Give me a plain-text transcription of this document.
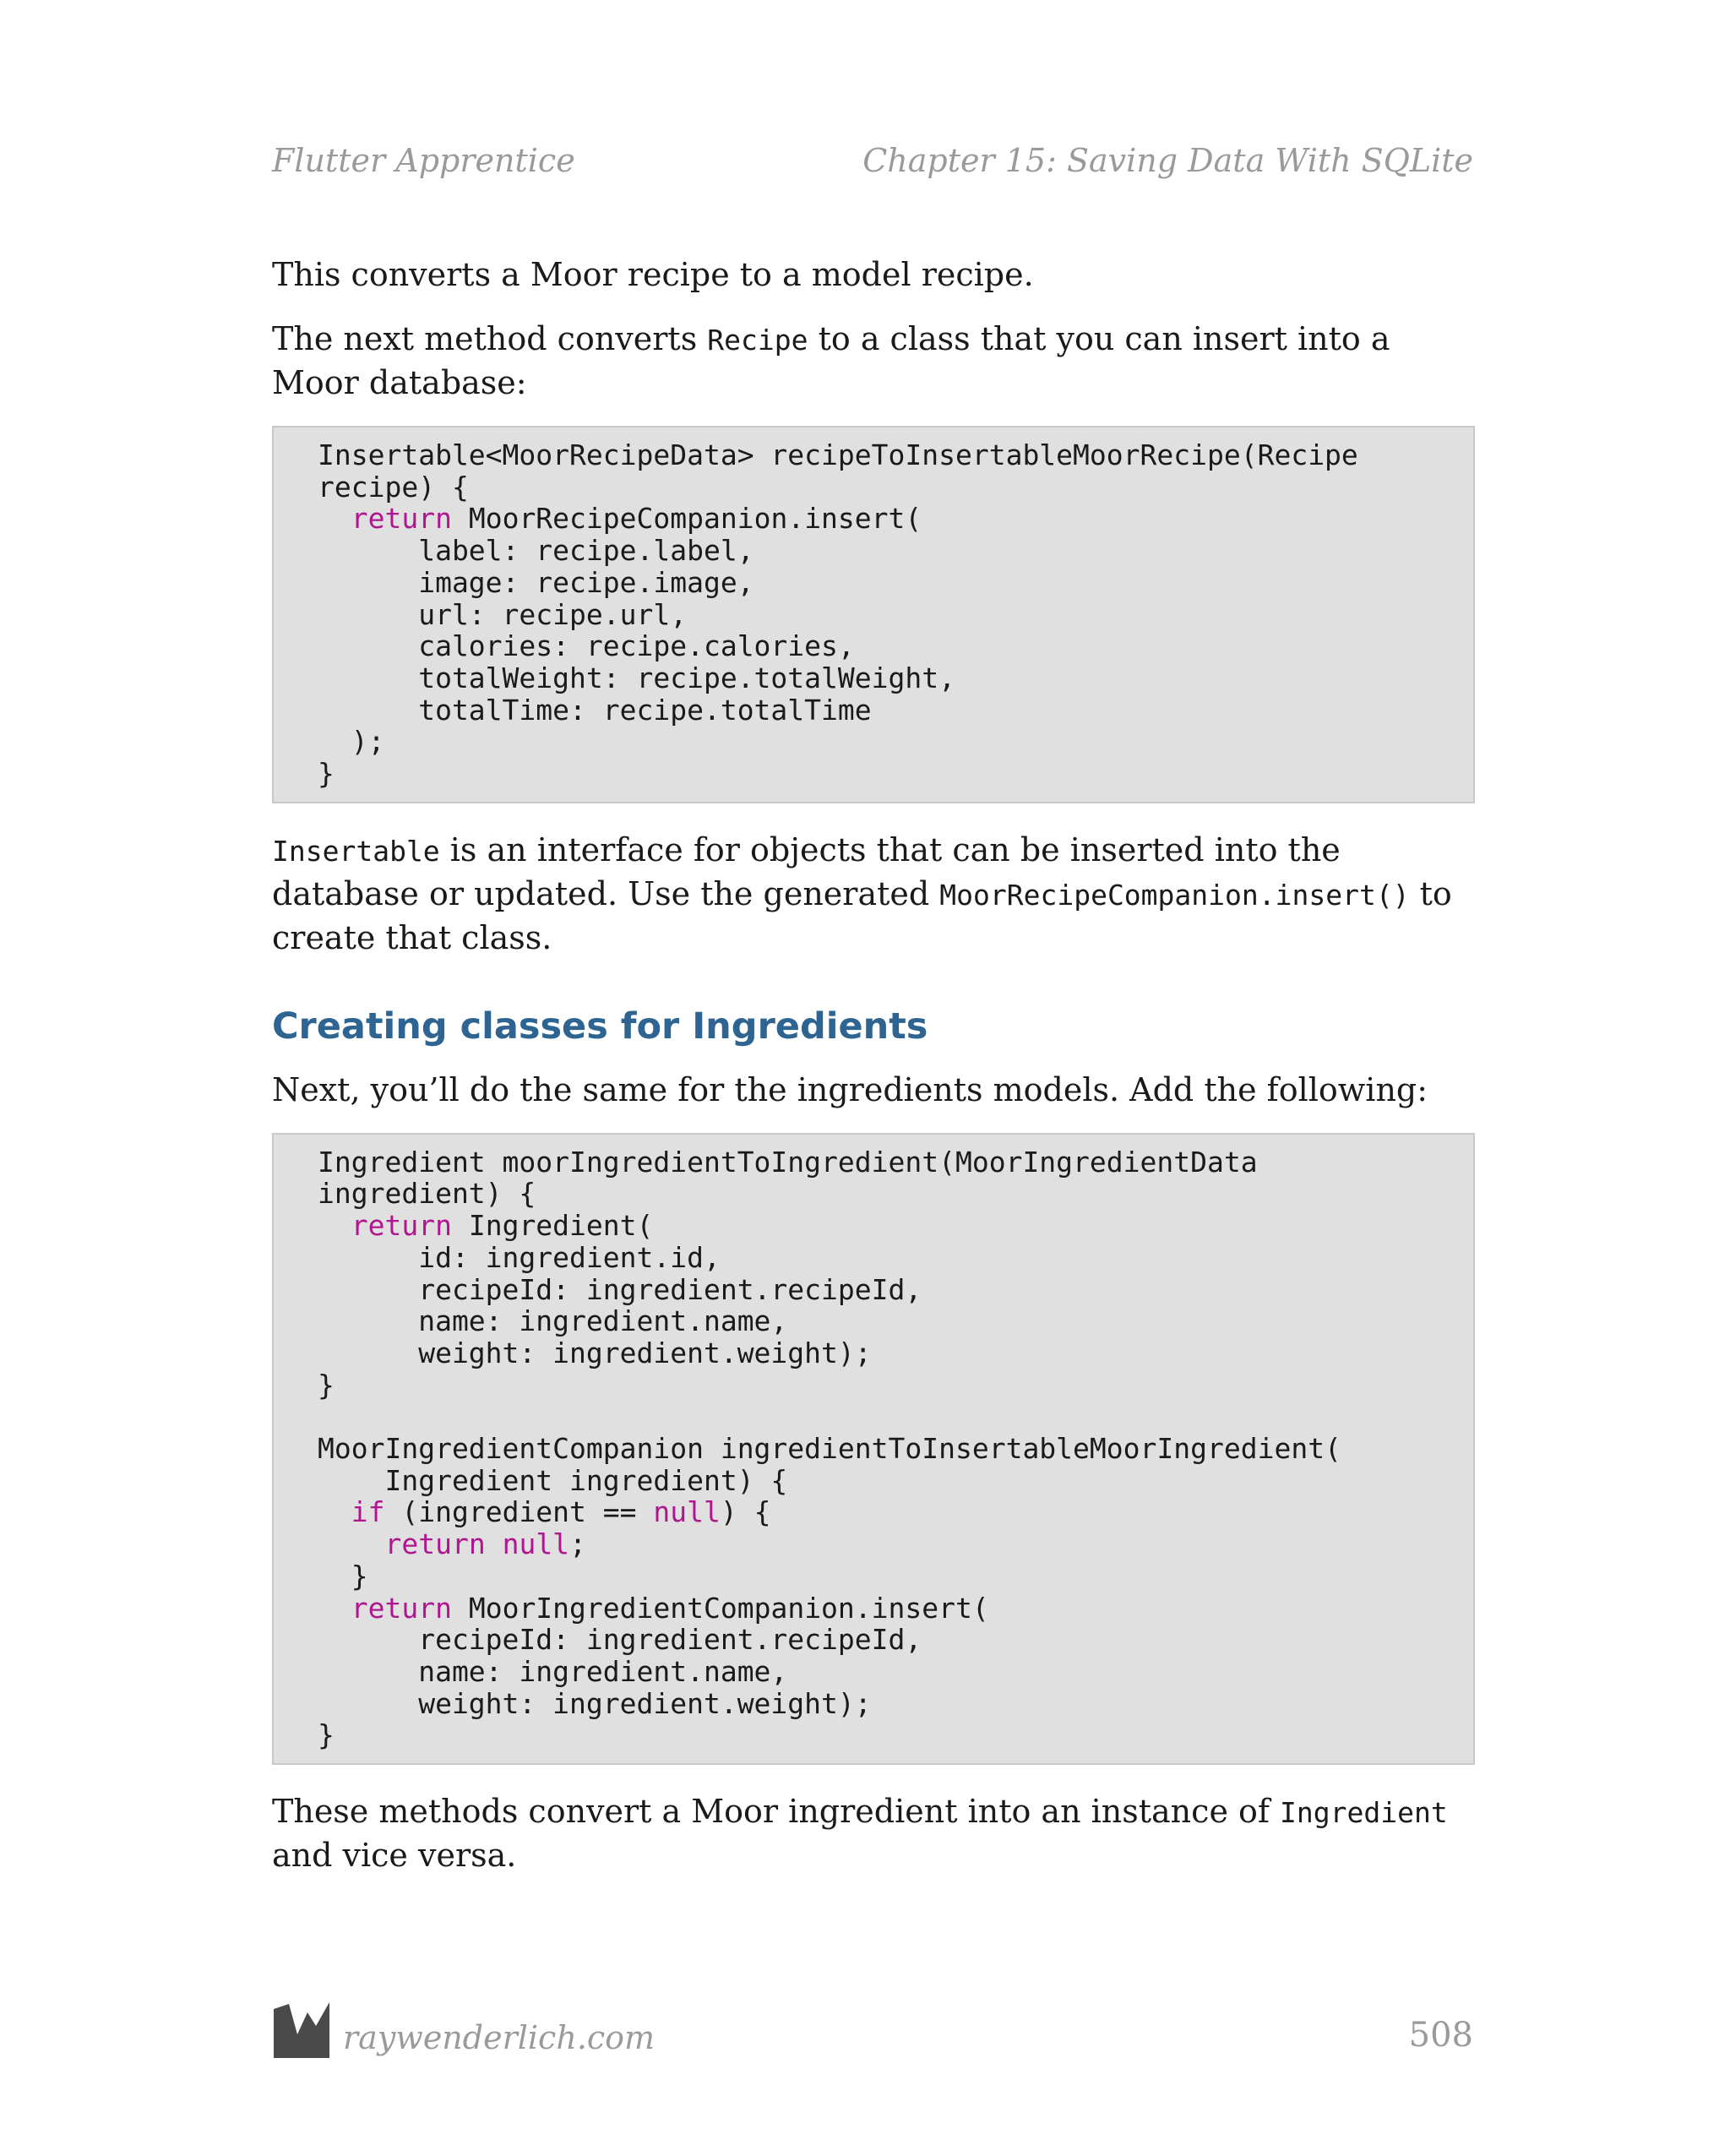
Flutter Apprentice	Chapter 15: Saving Data With SQLite

This converts a Moor recipe to a model recipe.

The next method converts Recipe to a class that you can insert into a Moor database:

Insertable<MoorRecipeData> recipeToInsertableMoorRecipe(Recipe
recipe) {
return MoorRecipeCompanion.insert(
label: recipe.label,
image: recipe.image,
url: recipe.url,
calories: recipe.calories,
totalWeight: recipe.totalWeight,
totalTime: recipe.totalTime
);
}

Insertable is an interface for objects that can be inserted into the database or updated. Use the generated MoorRecipeCompanion.insert() to create that class.

Creating classes for Ingredients

Next, you’ll do the same for the ingredients models. Add the following:

Ingredient moorIngredientToIngredient(MoorIngredientData
ingredient) {
return Ingredient(
id: ingredient.id,
recipeId: ingredient.recipeId,
name: ingredient.name,
weight: ingredient.weight);
}

MoorIngredientCompanion ingredientToInsertableMoorIngredient(
Ingredient ingredient) {
if (ingredient == null) {
return null;
}
return MoorIngredientCompanion.insert(
recipeId: ingredient.recipeId,
name: ingredient.name,
weight: ingredient.weight);
}

These methods convert a Moor ingredient into an instance of Ingredient and vice versa.

raywenderlich.com	508
